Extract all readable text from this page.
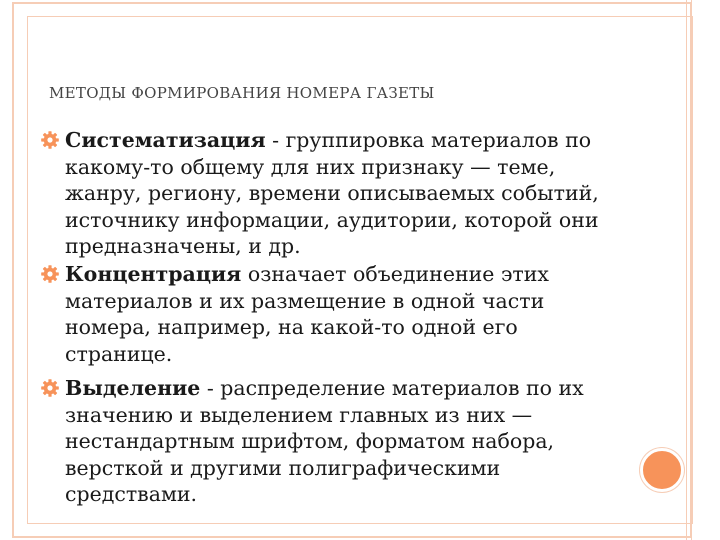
МЕТОДЫ ФОРМИРОВАНИЯ НОМЕРА ГАЗЕТЫ

Систематизация - группировка материалов по какому-то общему для них признаку — теме, жанру, региону, времени описываемых событий, источнику информации, аудитории, которой они предназначены, и др.

Концентрация означает объединение этих материалов и их размещение в одной части номера, например, на какой-то одной его странице.

Выделение - распределение материалов по их значению и выделением главных из них — нестандартным шрифтом, форматом набора, версткой и другими полиграфическими средствами.
